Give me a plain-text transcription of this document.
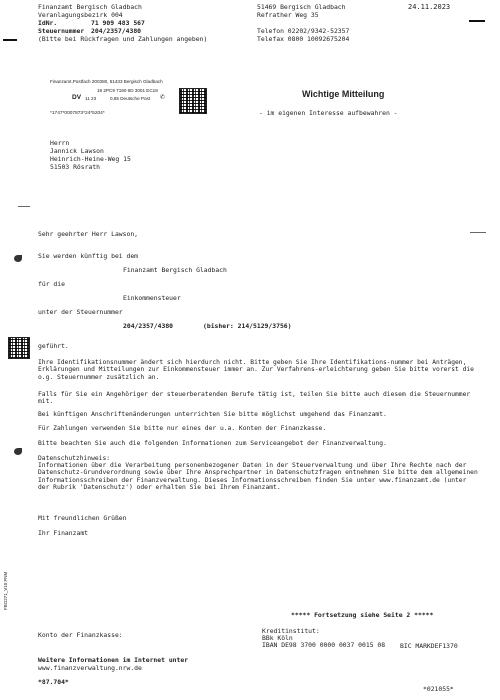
Finanzamt Bergisch Gladbach
Veranlagungsbezirk 004
IdNr.	71 909 483 567
Steuernummer 204/2357/4380
(Bitte bei Rückfragen und Zahlungen angeben)
51469 Bergisch Gladbach
Refrather Weg 35
24.11.2023
Telefon 02202/9342-52357
Telefax 0800 10092675204
Finanzamt,Postfach 200380, 51433 Bergisch Gladbach
18 2PC9 7190 6D 3001 EC18
DV 11 23	0,85 Deutsche Post ✆
*1747*0007873*24*5204*
Wichtige Mitteilung
- im eigenen Interesse aufbewahren -
Herrn
Jannick Lawson
Heinrich-Heine-Weg 15
51503 Rösrath
Sehr geehrter Herr Lawson,
Sie werden künftig bei dem
Finanzamt Bergisch Gladbach
für die
Einkommensteuer
unter der Steuernummer
204/2357/4380	(bisher: 214/5129/3756)
geführt.
Ihre Identifikationsnummer ändert sich hierdurch nicht. Bitte geben Sie Ihre Identifikations-nummer bei Anträgen, Erklärungen und Mitteilungen zur Einkommensteuer immer an. Zur Verfahrens-erleichterung geben Sie bitte vorerst die o.g. Steuernummer zusätzlich an.
Falls für Sie ein Angehöriger der steuerberatenden Berufe tätig ist, teilen Sie bitte auch diesem die Steuernummer mit.
Bei künftigen Anschriftenänderungen unterrichten Sie bitte möglichst umgehend das Finanzamt.
Für Zahlungen verwenden Sie bitte nur eines der u.a. Konten der Finanzkasse.
Bitte beachten Sie auch die folgenden Informationen zum Serviceangebot der Finanzverwaltung.
Datenschutzhinweis:
Informationen über die Verarbeitung personenbezogener Daten in der Steuerverwaltung und über Ihre Rechte nach der Datenschutz-Grundverordnung sowie über Ihre Ansprechpartner in Datenschutzfragen entnehmen Sie bitte dem allgemeinen Informationsschreiben der Finanzverwaltung. Dieses Informationsschreiben finden Sie unter www.finanzamt.de (unter der Rubrik 'Datenschutz') oder erhalten Sie bei Ihrem Finanzamt.
Mit freundlichen Grüßen
Ihr Finanzamt
FBO271_V10 FNM
***** Fortsetzung siehe Seite 2 *****
Konto der Finanzkasse:	Kreditinstitut:
BBk Köln
IBAN DE98 3700 0000 0037 0015 08 BIC MARKDEF1370
Weitere Informationen im Internet unter
www.finanzverwaltung.nrw.de
*87.704*
*021055*
